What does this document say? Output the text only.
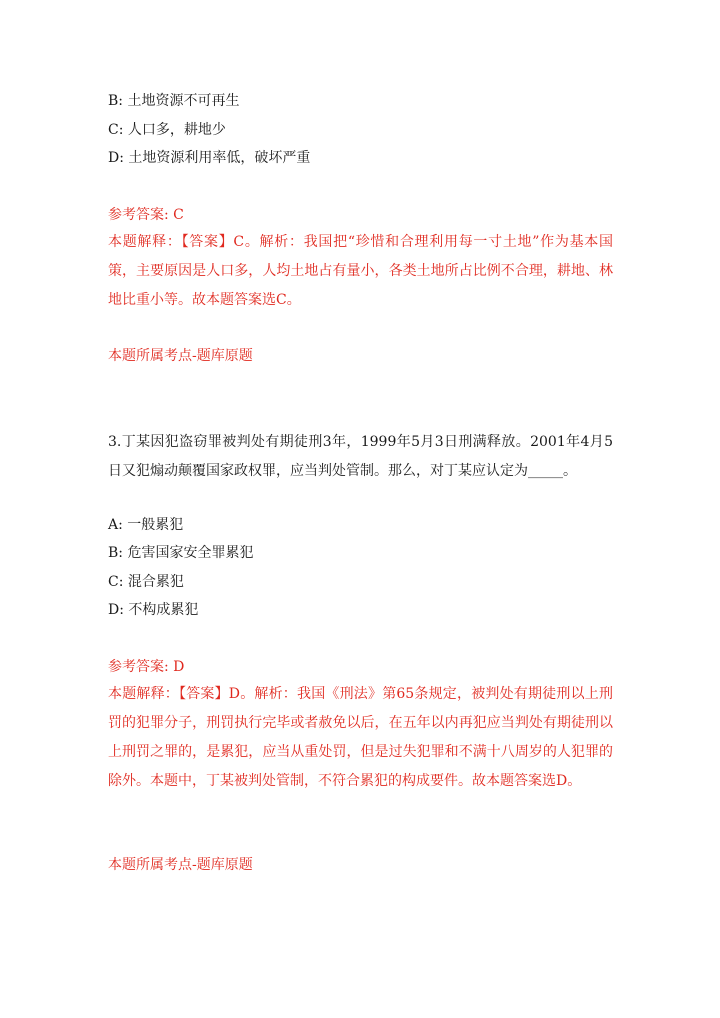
B: 土地资源不可再生
C: 人口多，耕地少
D: 土地资源利用率低，破坏严重
参考答案: C
本题解释：【答案】C。解析：我国把“珍惜和合理利用每一寸土地”作为基本国策，主要原因是人口多，人均土地占有量小，各类土地所占比例不合理，耕地、林地比重小等。故本题答案选C。
本题所属考点-题库原题
3.丁某因犯盗窃罪被判处有期徒刑3年，1999年5月3日刑满释放。2001年4月5日又犯煽动颠覆国家政权罪，应当判处管制。那么，对丁某应认定为_____。
A: 一般累犯
B: 危害国家安全罪累犯
C: 混合累犯
D: 不构成累犯
参考答案: D
本题解释：【答案】D。解析：我国《刑法》第65条规定，被判处有期徒刑以上刑罚的犯罪分子，刑罚执行完毕或者赦免以后，在五年以内再犯应当判处有期徒刑以上刑罚之罪的，是累犯，应当从重处罚，但是过失犯罪和不满十八周岁的人犯罪的除外。本题中，丁某被判处管制，不符合累犯的构成要件。故本题答案选D。
本题所属考点-题库原题
